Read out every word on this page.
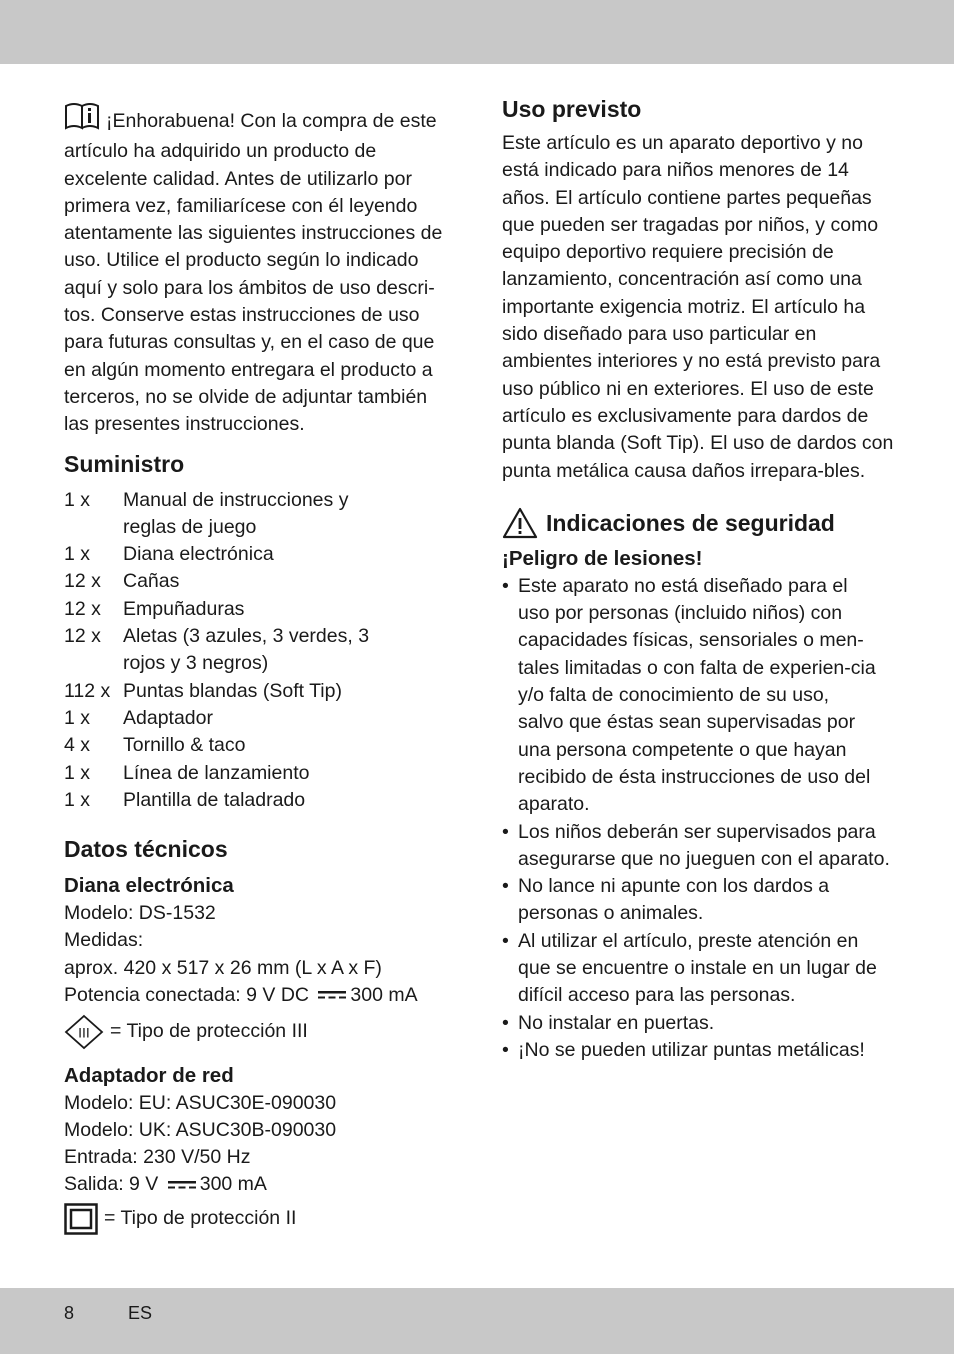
¡Enhorabuena! Con la compra de este artículo ha adquirido un producto de excelente calidad. Antes de utilizarlo por primera vez, familiarícese con él leyendo atentamente las siguientes instrucciones de uso. Utilice el producto según lo indicado aquí y solo para los ámbitos de uso descri-tos. Conserve estas instrucciones de uso para futuras consultas y, en el caso de que en algún momento entregara el producto a terceros, no se olvide de adjuntar también las presentes instrucciones.
Suministro
1 x	Manual de instrucciones y reglas de juego
1 x	Diana electrónica
12 x	Cañas
12 x	Empuñaduras
12 x	Aletas (3 azules, 3 verdes, 3 rojos y 3 negros)
112 x Puntas blandas (Soft Tip)
1 x	Adaptador
4 x	Tornillo & taco
1 x	Línea de lanzamiento
1 x	Plantilla de taladrado
Datos técnicos
Diana electrónica
Modelo: DS-1532
Medidas:
aprox. 420 x 517 x 26 mm (L x A x F)
Potencia conectada: 9 V DC 300 mA
III = Tipo de protección III
Adaptador de red
Modelo: EU: ASUC30E-090030
Modelo: UK: ASUC30B-090030
Entrada: 230 V/50 Hz
Salida: 9 V 300 mA
= Tipo de protección II
Uso previsto
Este artículo es un aparato deportivo y no está indicado para niños menores de 14 años. El artículo contiene partes pequeñas que pueden ser tragadas por niños, y como equipo deportivo requiere precisión de lanzamiento, concentración así como una importante exigencia motriz. El artículo ha sido diseñado para uso particular en ambientes interiores y no está previsto para uso público ni en exteriores. El uso de este artículo es exclusivamente para dardos de punta blanda (Soft Tip). El uso de dardos con punta metálica causa daños irrepara-bles.
Indicaciones de seguridad
¡Peligro de lesiones!
• Este aparato no está diseñado para el uso por personas (incluido niños) con capacidades físicas, sensoriales o men-tales limitadas o con falta de experien-cia y/o falta de conocimiento de su uso, salvo que éstas sean supervisadas por una persona competente o que hayan recibido de ésta instrucciones de uso del aparato.
• Los niños deberán ser supervisados para asegurarse que no jueguen con el aparato.
• No lance ni apunte con los dardos a personas o animales.
• Al utilizar el artículo, preste atención en que se encuentre o instale en un lugar de difícil acceso para las personas.
• No instalar en puertas.
• ¡No se pueden utilizar puntas metálicas!
8	ES
